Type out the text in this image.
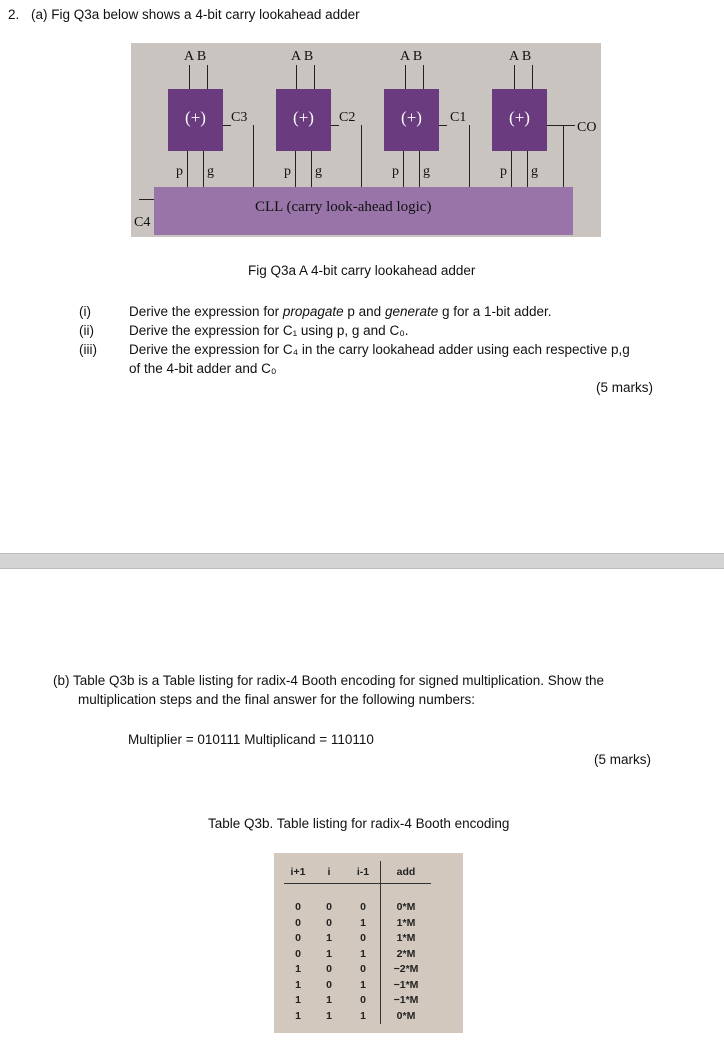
2. (a) Fig Q3a below shows a 4-bit carry lookahead adder
A B	A B	A B	A B
(+)	(+)	(+)	(+)
C3	C2	C1
CO
p g	p g	p g	p g
CLL (carry look-ahead logic)
C4
Fig Q3a A 4-bit carry lookahead adder
(i)	Derive the expression for propagate p and generate g for a 1-bit adder.
(ii)	Derive the expression for C₁ using p, g and C₀.
(iii) Derive the expression for C₄ in the carry lookahead adder using each respective p,g
of the 4-bit adder and C₀
(5 marks)
(b) Table Q3b is a Table listing for radix-4 Booth encoding for signed multiplication. Show the
multiplication steps and the final answer for the following numbers:
Multiplier = 010111 Multiplicand = 110110
(5 marks)
Table Q3b. Table listing for radix-4 Booth encoding
i+1	i	i-1	add

0	0	0	0*M
0	0	1	1*M
0	1	0	1*M
0	1	1	2*M
1	0	0	−2*M
1	0	1	−1*M
1	1	0	−1*M
1	1	1	0*M
